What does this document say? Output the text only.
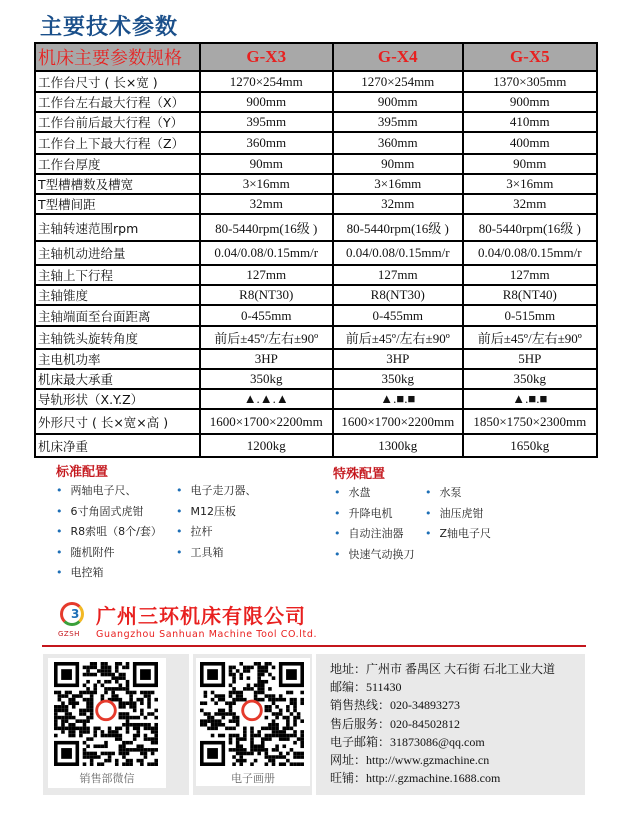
主要技术参数
机床主要参数规格	G-X3	G-X4	G-X5
工作台尺寸 ( 长×宽 )	1270×254mm	1270×254mm	1370×305mm
工作台左右最大行程（X）	900mm	900mm	900mm
工作台前后最大行程（Y）	395mm	395mm	410mm
工作台上下最大行程（Z）	360mm	360mm	400mm
工作台厚度	90mm	90mm	90mm
T型槽槽数及槽宽	3×16mm	3×16mm	3×16mm
T型槽间距	32mm	32mm	32mm
主轴转速范围rpm	80-5440rpm(16级 )	80-5440rpm(16级 )	80-5440rpm(16级 )
主轴机动进给量	0.04/0.08/0.15mm/r	0.04/0.08/0.15mm/r	0.04/0.08/0.15mm/r
主轴上下行程	127mm	127mm	127mm
主轴锥度	R8(NT30)	R8(NT30)	R8(NT40)
主轴端面至台面距离	0-455mm	0-455mm	0-515mm
主轴铣头旋转角度	前后±45º/左右±90º	前后±45º/左右±90º	前后±45º/左右±90º
主电机功率	3HP	3HP	5HP
机床最大承重	350kg	350kg	350kg
导轨形状（X.Y.Z）	▲.▲.▲	▲.■.■	▲.■.■
外形尺寸 ( 长×宽×高 )	1600×1700×2200mm	1600×1700×2200mm	1850×1750×2300mm
机床净重	1200kg	1300kg	1650kg
标准配置
• 两轴电子尺、
• 6寸角固式虎钳
• R8索咀（8个/套）
• 随机附件
• 电控箱
• 电子走刀器、
• M12压板
• 拉杆
• 工具箱
特殊配置
• 水盘
• 升降电机
• 自动注油器
• 快速气动换刀
• 水泵
• 油压虎钳
• Z轴电子尺
3
GZSH
广州三环机床有限公司
Guangzhou Sanhuan Machine Tool CO.ltd.
销售部微信	电子画册
地址：广州市 番禺区 大石街 石北工业大道
邮编：511430
销售热线：020-34893273
售后服务：020-84502812
电子邮箱：31873086@qq.com
网址：http://www.gzmachine.cn
旺铺：http://.gzmachine.1688.com
